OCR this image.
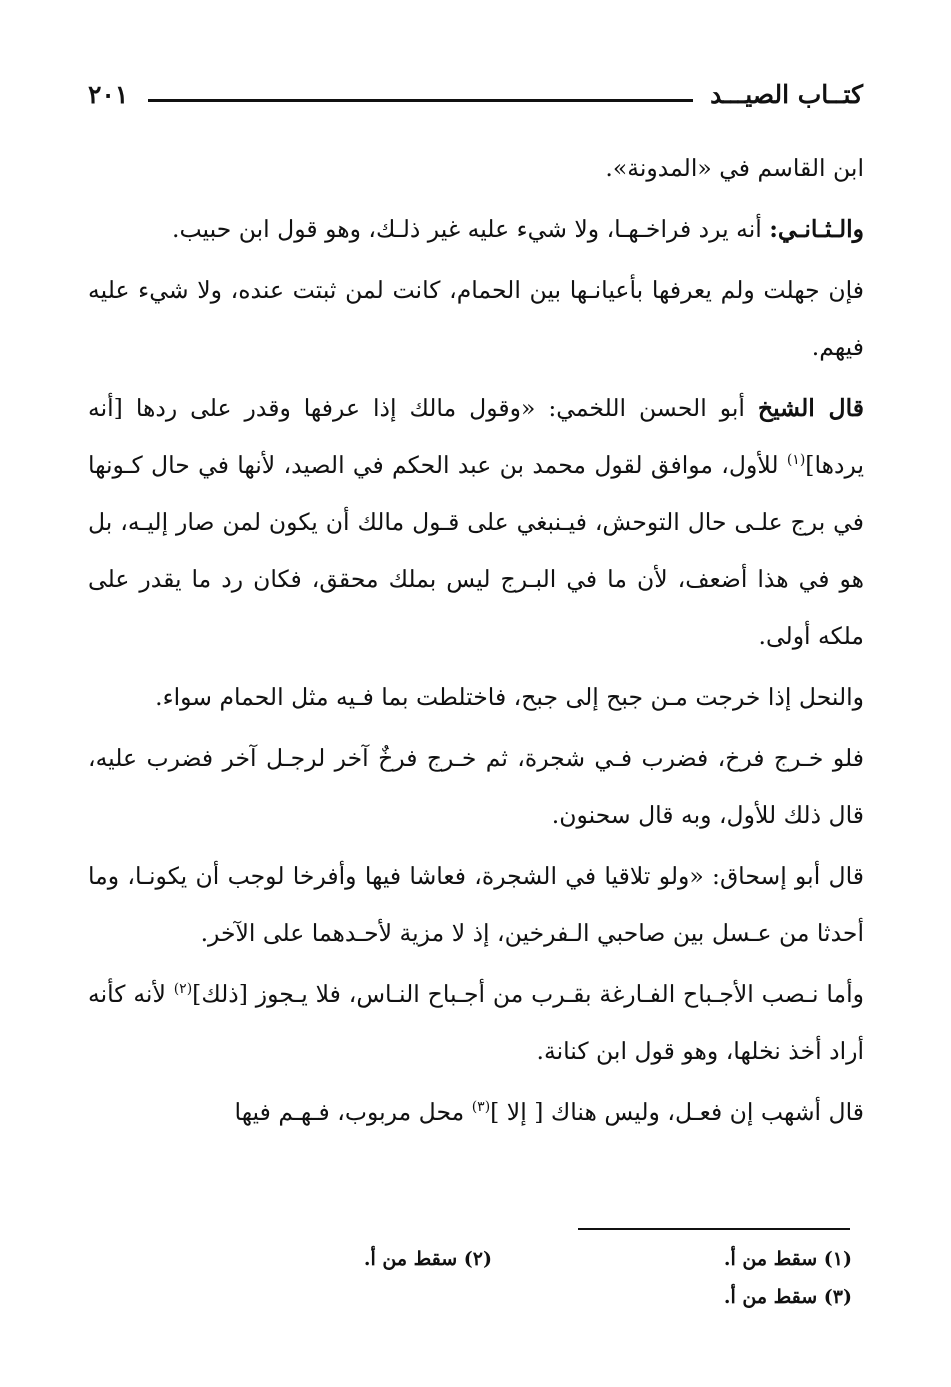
كتــاب الصيـــد
٢٠١

ابن القاسم في «المدونة».

والـثـانـي: أنه يرد فراخـهـا، ولا شيء عليه غير ذلـك، وهو قول ابن حبيب.

فإن جهلت ولم يعرفها بأعيانـها بين الحمام، كانت لمن ثبتت عنده، ولا شيء عليه فيهم.

قال الشيخ أبو الحسن اللخمي: «وقول مالك إذا عرفها وقدر على ردها [أنه يردها]$^{(١)}$ للأول، موافق لقول محمد بن عبد الحكم في الصيد، لأنها في حال كـونها في برج علـى حال التوحش، فيـنبغي على قـول مالك أن يكون لمن صار إليـه، بل هو في هذا أضعف، لأن ما في البـرج ليس بملك محقق، فكان رد ما يقدر على ملكه أولى.

والنحل إذا خرجت مـن جبح إلى جبح، فاختلطت بما فـيه مثل الحمام سواء.

فلو خـرج فرخ، فضرب فـي شجرة، ثم خـرج فرخٌ آخر لرجـل آخر فضرب عليه، قال ذلك للأول، وبه قال سحنون.

قال أبو إسحاق: «ولو تلاقيا في الشجرة، فعاشا فيها وأفرخا لوجب أن يكونـا، وما أحدثا من عـسل بين صاحبي الـفرخين، إذ لا مزية لأحـدهما على الآخر.

وأما نـصب الأجـباح الفـارغة بقـرب من أجـباح النـاس، فلا يـجوز [ذلك]$^{(٢)}$ لأنه كأنه أراد أخذ نخلها، وهو قول ابن كنانة.

قال أشهب إن فعـل، وليس هناك [ إلا ]$^{(٣)}$ محل مربوب، فـهـم فيها

(١) سقط من أ.
(٢) سقط من أ.
(٣) سقط من أ.
